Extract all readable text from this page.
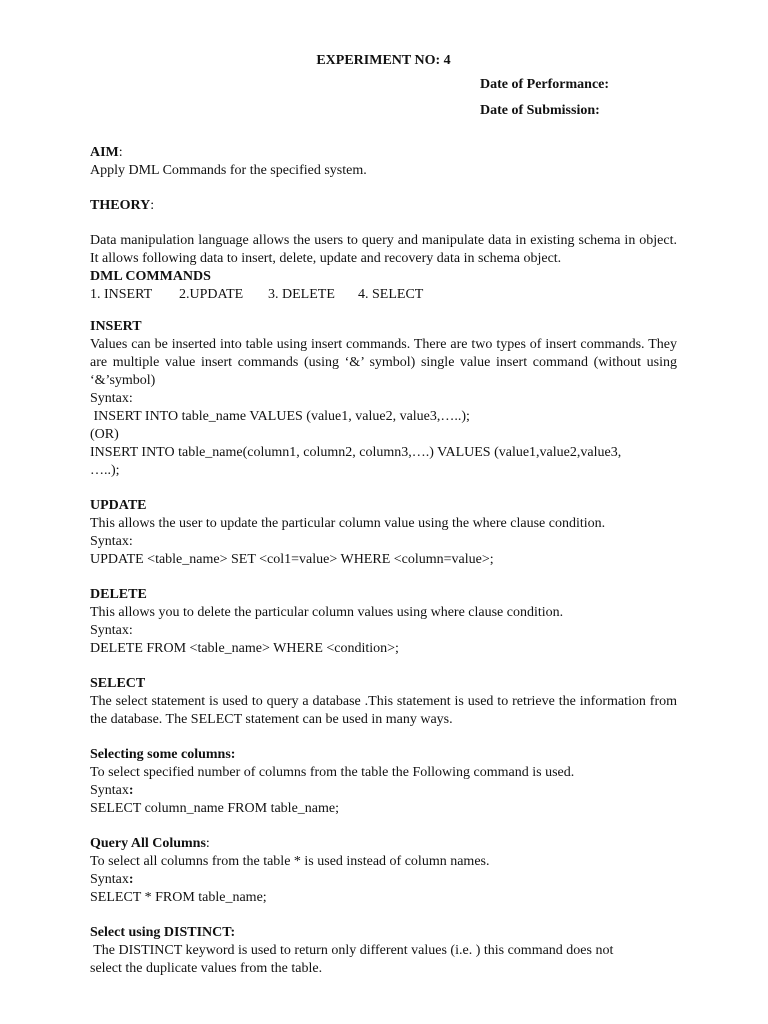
EXPERIMENT NO: 4
Date of Performance:
Date of Submission:
AIM:
Apply DML Commands for the specified system.
THEORY:
Data manipulation language allows the users to query and manipulate data in existing schema in object. It allows following data to insert, delete, update and recovery data in schema object.
DML COMMANDS
1. INSERT 2.UPDATE 3. DELETE 4. SELECT
INSERT
Values can be inserted into table using insert commands. There are two types of insert commands. They are multiple value insert commands (using ‘&’ symbol) single value insert command (without using ‘&’symbol)
Syntax:
INSERT INTO table_name VALUES (value1, value2, value3,…..);
(OR)
INSERT INTO table_name(column1, column2, column3,….) VALUES (value1,value2,value3,
…..);
UPDATE
This allows the user to update the particular column value using the where clause condition.
Syntax:
UPDATE <table_name> SET <col1=value> WHERE <column=value>;
DELETE
This allows you to delete the particular column values using where clause condition.
Syntax:
DELETE FROM <table_name> WHERE <condition>;
SELECT
The select statement is used to query a database .This statement is used to retrieve the information from the database. The SELECT statement can be used in many ways.
Selecting some columns:
To select specified number of columns from the table the Following command is used.
Syntax:
SELECT column_name FROM table_name;
Query All Columns:
To select all columns from the table * is used instead of column names.
Syntax:
SELECT * FROM table_name;
Select using DISTINCT:
The DISTINCT keyword is used to return only different values (i.e. ) this command does not
select the duplicate values from the table.
